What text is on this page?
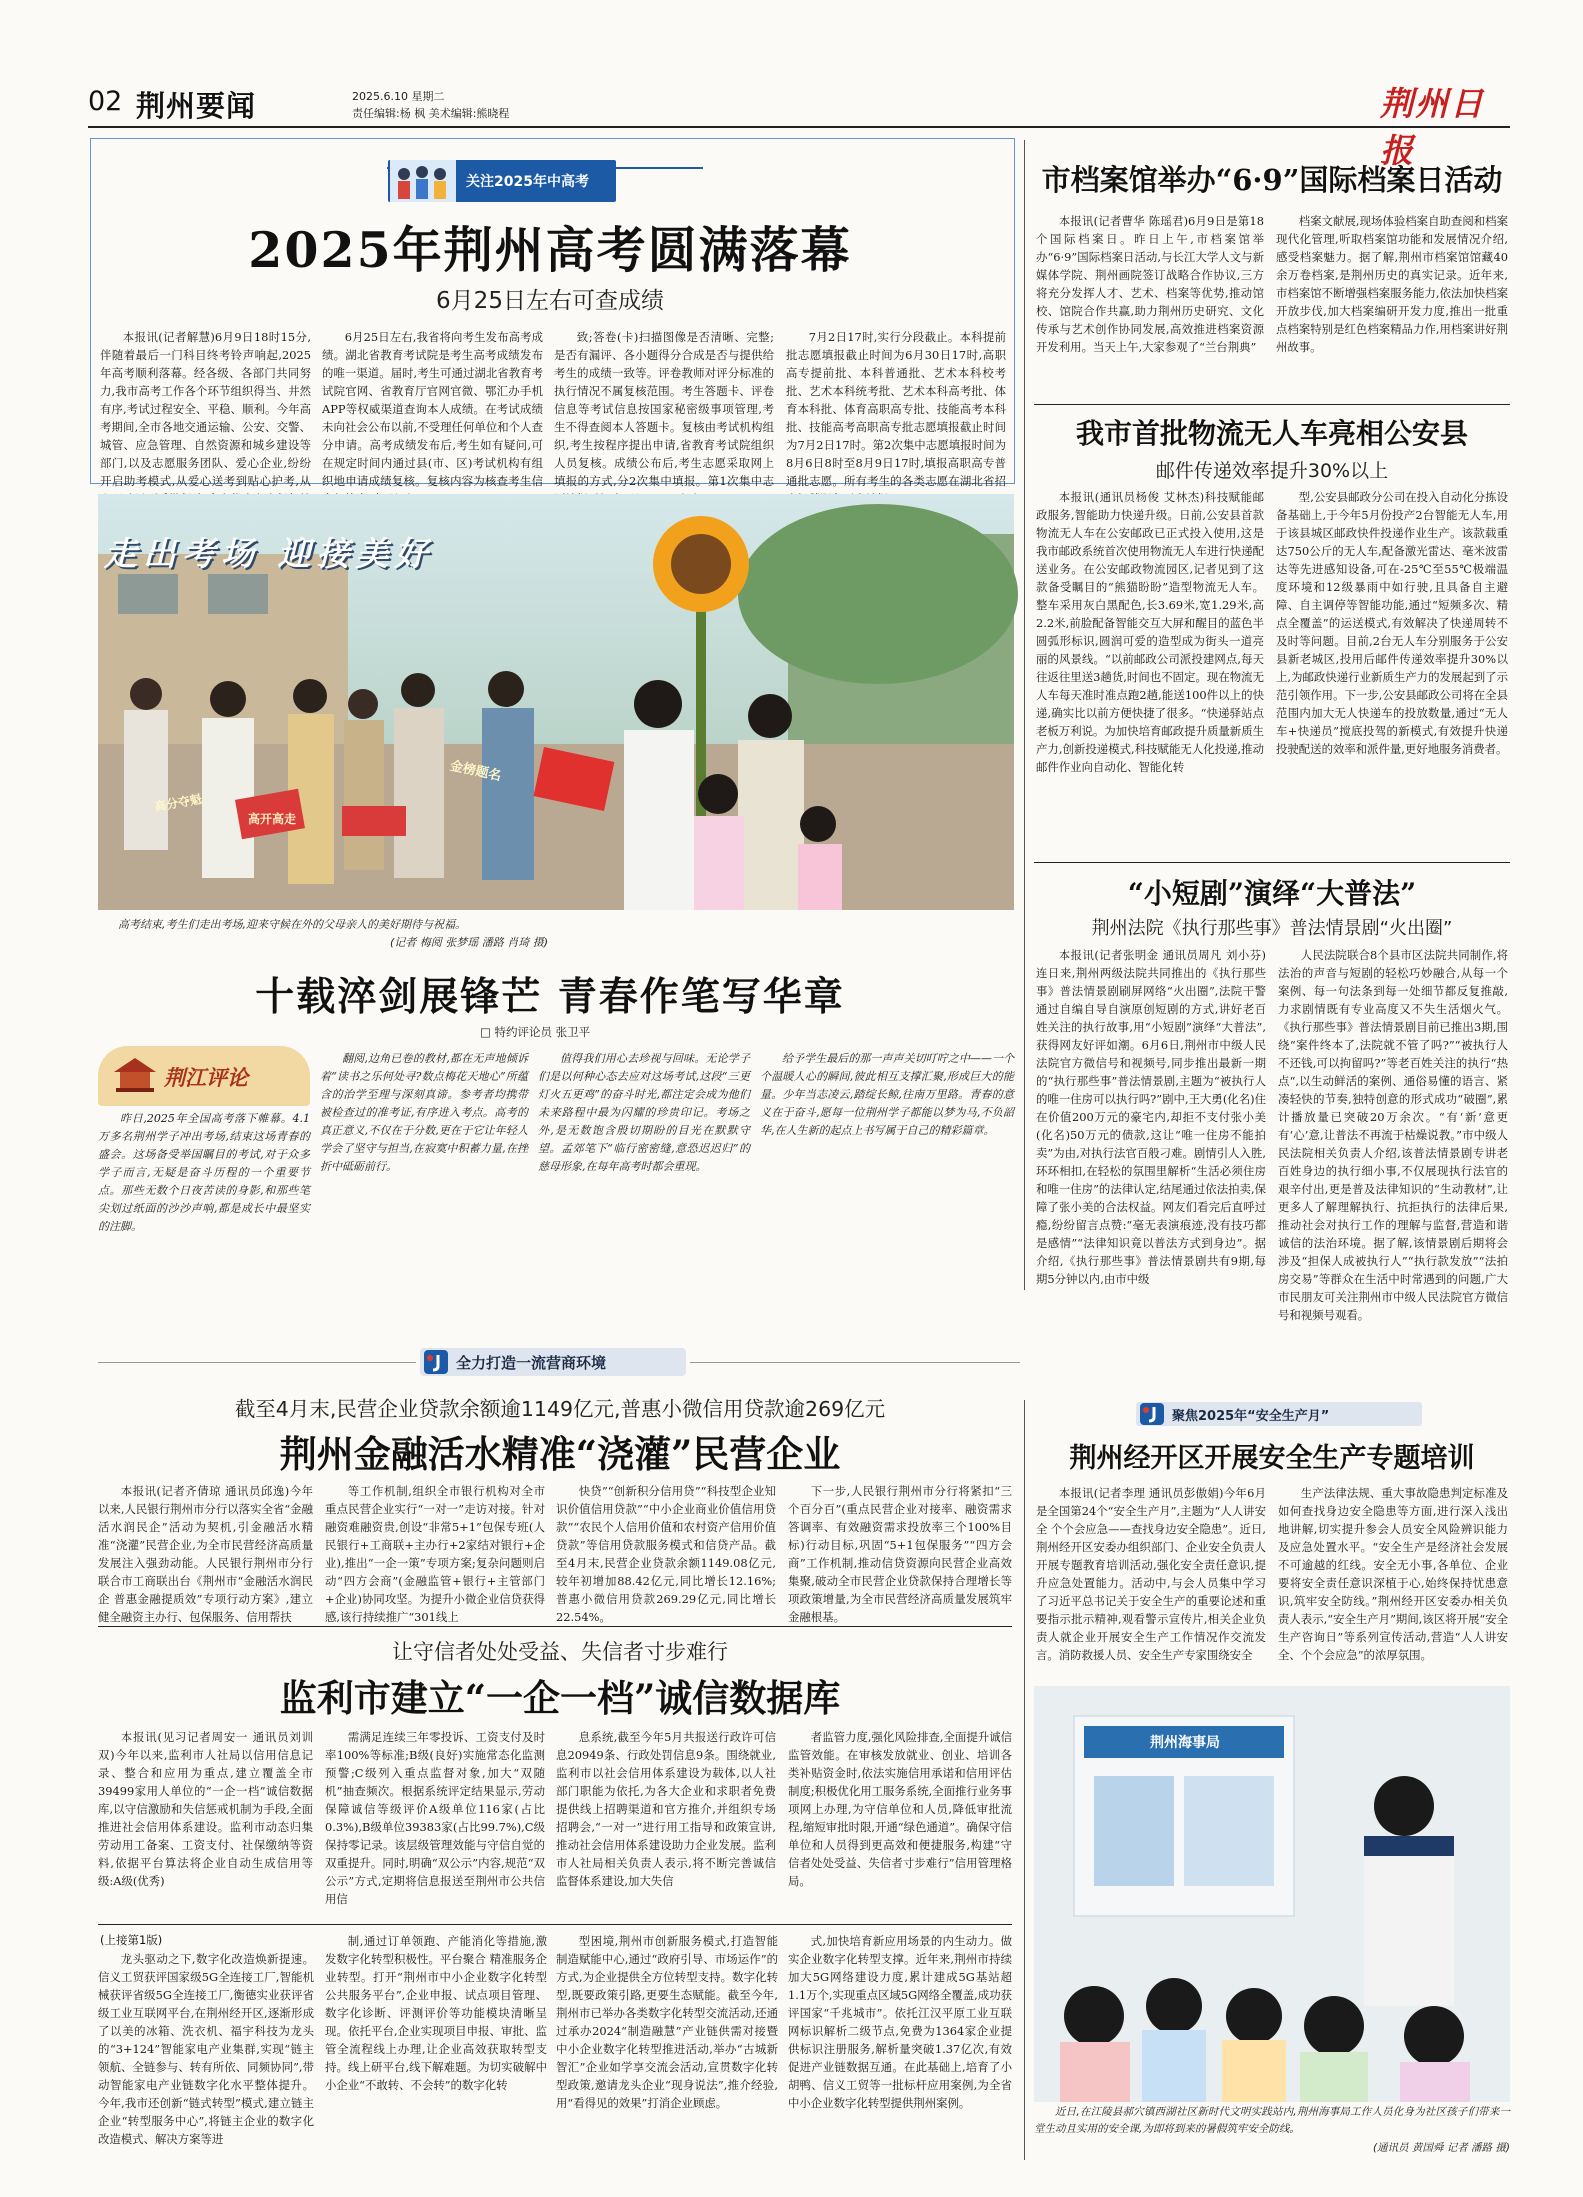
02 荆州要闻	2025.6.10 星期二
责任编辑:杨 枫 美术编辑:熊晓程	荆州日报
关注2025年中高考
2025年荆州高考圆满落幕
6月25日左右可查成绩
本报讯(记者解慧)6月9日18时15分,伴随着最后一门科目终考铃声响起,2025年高考顺利落幕。经各级、各部门共同努力,我市高考工作各个环节组织得当、井然有序,考试过程安全、平稳、顺利。今年高考期间,全市各地交通运输、公安、交警、城管、应急管理、自然资源和城乡建设等部门,以及志愿服务团队、爱心企业,纷纷开启助考模式,从爱心送考到贴心护考,从
6月25日左右,我省将向考生发布高考成绩。湖北省教育考试院是考生高考成绩发布的唯一渠道。届时,考生可通过湖北省教育考试院官网、省教育厅官网官微、鄂汇办手机APP等权威渠道查询本人成绩。在考试成绩未向社会公布以前,不受理任何单位和个人查分申请。高考成绩发布后,考生如有疑问,可在规定时间内通过县(市、区)考试机构有组织地申请成绩复核。复核内容为核查考生信
致;答卷(卡)扫描图像是否清晰、完整;是否有漏评、各小题得分合成是否与提供给考生的成绩一致等。评卷教师对评分标准的执行情况不属复核范围。考生答题卡、评卷信息等考试信息按国家秘密级事项管理,考生不得查阅本人答题卡。复核由考试机构组织,考生按程序提出申请,省教育考试院组织人员复核。成绩公布后,考生志愿采取网上填报的方式,分2次集中填报。第1次集中志
7月2日17时,实行分段截止。本科提前批志愿填报截止时间为6月30日17时,高职高专提前批、本科普通批、艺术本科校考批、艺术本科统考批、艺术本科高考批、体育本科批、体育高职高专批、技能高考本科批、技能高考高职高专批志愿填报截止时间为7月2日17时。第2次集中志愿填报时间为8月6日8时至8月9日17时,填报高职高专普通批志愿。所有考生的各类志愿在湖北省招
走出考场 迎接美好
高分夺魁
高开高走
金榜题名
高考结束,考生们走出考场,迎来守候在外的父母亲人的美好期待与祝福。
(记者 梅阅 张梦瑶 潘路 肖琦 摄)
十载淬剑展锋芒 青春作笔写华章
□ 特约评论员 张卫平
荆江评论
昨日,2025年全国高考落下帷幕。4.1万多名荆州学子冲出考场,结束这场青春的盛会。这场备受举国瞩目的考试,对于众多学子而言,无疑是奋斗历程的一个重要节点。那些无数个日夜苦读的身影,和那些笔尖划过纸面的沙沙声响,都是成长中最坚实的注脚。
翻阅,边角已卷的教材,都在无声地倾诉着“读书之乐何处寻?数点梅花天地心”所蕴含的治学至理与深刻真谛。参考者均携带被检查过的准考证,有序进入考点。高考的真正意义,不仅在于分数,更在于它让年轻人学会了坚守与担当,在寂寞中积蓄力量,在挫折中砥砺前行。
值得我们用心去珍视与回味。无论学子们是以何种心态去应对这场考试,这段“三更灯火五更鸡”的奋斗时光,都注定会成为他们未来路程中最为闪耀的珍贵印记。考场之外,是无数饱含殷切期盼的目光在默默守望。孟郊笔下“临行密密缝,意恐迟迟归”的慈母形象,在每年高考时都会重现。
给予学生最后的那一声声关切叮咛之中——一个个温暖人心的瞬间,彼此相互支撑汇聚,形成巨大的能量。少年当志凌云,踏绽长鲸,往南万里路。青春的意义在于奋斗,愿每一位荆州学子都能以梦为马,不负韶华,在人生新的起点上书写属于自己的精彩篇章。
市档案馆举办“6·9”国际档案日活动
本报讯(记者曹华 陈瑶君)6月9日是第18个国际档案日。昨日上午,市档案馆举办“6·9”国际档案日活动,与长江大学人文与新媒体学院、荆州画院签订战略合作协议,三方将充分发挥人才、艺术、档案等优势,推动馆校、馆院合作共赢,助力荆州历史研究、文化传承与艺术创作协同发展,高效推进档案资源开发利用。当天上午,大家参观了“兰台荆典”
档案文献展,现场体验档案自助查阅和档案现代化管理,听取档案馆功能和发展情况介绍,感受档案魅力。据了解,荆州市档案馆馆藏40余万卷档案,是荆州历史的真实记录。近年来,市档案馆不断增强档案服务能力,依法加快档案开放步伐,加大档案编研开发力度,推出一批重点档案特别是红色档案精品力作,用档案讲好荆州故事。
我市首批物流无人车亮相公安县
邮件传递效率提升30%以上
本报讯(通讯员杨俊 艾林杰)科技赋能邮政服务,智能助力快递升级。日前,公安县首款物流无人车在公安邮政已正式投入使用,这是我市邮政系统首次使用物流无人车进行快递配送业务。在公安邮政物流园区,记者见到了这款备受瞩目的“熊猫盼盼”造型物流无人车。整车采用灰白黑配色,长3.69米,宽1.29米,高2.2米,前脸配备智能交互大屏和醒目的蓝色半圆弧形标识,圆润可爱的造型成为街头一道亮丽的风景线。“以前邮政公司派投建网点,每天往返往里送3趟货,时间也不固定。现在物流无人车每天准时准点跑2趟,能送100件以上的快递,确实比以前方便快捷了很多。“快递驿站点老板万利说。为加快培育邮政提升质量新质生产力,创新投递模式,科技赋能无人化投递,推动邮件作业向自动化、智能化转
型,公安县邮政分公司在投入自动化分拣设备基础上,于今年5月份投产2台智能无人车,用于该县城区邮政快件投递作业生产。该款载重达750公斤的无人车,配备激光雷达、毫米波雷达等先进感知设备,可在-25℃至55℃极端温度环境和12级暴雨中如行驶,且具备自主避障、自主调停等智能功能,通过“短频多次、精点全覆盖”的运送模式,有效解决了快递周转不及时等问题。目前,2台无人车分别服务于公安县新老城区,投用后邮件传递效率提升30%以上,为邮政快递行业新质生产力的发展起到了示范引领作用。下一步,公安县邮政公司将在全县范围内加大无人快递车的投放数量,通过“无人车+快递员”搅底投驾的新模式,有效提升快递投驶配送的效率和派件量,更好地服务消费者。
“小短剧”演绎“大普法”
荆州法院《执行那些事》普法情景剧“火出圈”
本报讯(记者张明金 通讯员周凡 刘小芬)连日来,荆州两级法院共同推出的《执行那些事》普法情景剧刷屏网络“火出圈”,法院干警通过自编自导自演原创短剧的方式,讲好老百姓关注的执行故事,用“小短剧”演绎“大普法”,获得网友好评如潮。6月6日,荆州市中级人民法院官方微信号和视频号,同步推出最新一期的“执行那些事”普法情景剧,主题为“被执行人的唯一住房可以执行吗?”剧中,王大勇(化名)住在价值200万元的豪宅内,却拒不支付张小美(化名)50万元的债款,这让“唯一住房不能拍卖”为由,对执行法官百般刁难。剧情引人入胜,环环相扣,在轻松的氛围里解析“生活必须住房和唯一住房”的法律认定,结尾通过依法拍卖,保障了张小美的合法权益。网友们看完后直呼过瘾,纷纷留言点赞:“毫无表演痕迹,没有技巧都是感情”“法律知识竟以普法方式到身边”。据介绍,《执行那些事》普法情景剧共有9期,每期5分钟以内,由市中级
人民法院联合8个县市区法院共同制作,将法治的声音与短剧的轻松巧妙融合,从每一个案例、每一句法条到每一处细节都反复推敲,力求剧情既有专业高度又不失生活烟火气。《执行那些事》普法情景剧目前已推出3期,围绕“案件终本了,法院就不管了吗?”“被执行人不还钱,可以拘留吗?”等老百姓关注的执行“热点“,以生动鲜活的案例、通俗易懂的语言、紧凑轻快的节奏,独特创意的形式成功“破圈”,累计播放量已突破20万余次。“有‘新’意更有‘心’意,让普法不再流于枯燥说教。”市中级人民法院相关负责人介绍,该普法情景剧专讲老百姓身边的执行细小事,不仅展现执行法官的艰辛付出,更是普及法律知识的“生动教材”,让更多人了解理解执行、抗拒执行的法律后果,推动社会对执行工作的理解与监督,营造和谐诚信的法治环境。据了解,该情景剧后期将会涉及“担保人成被执行人”“执行款发放”“法拍房交易”等群众在生活中时常遇到的问题,广大市民朋友可关注荆州市中级人民法院官方微信号和视频号观看。
全力打造一流营商环境
截至4月末,民营企业贷款余额逾1149亿元,普惠小微信用贷款逾269亿元
荆州金融活水精准“浇灌”民营企业
本报讯(记者齐倩琼 通讯员邱逸)今年以来,人民银行荆州市分行以落实全省“金融活水润民企”活动为契机,引金融活水精准“浇灌”民营企业,为全市民营经济高质量发展注入强劲动能。人民银行荆州市分行联合市工商联出台《荆州市“金融活水润民企 普惠金融提质效”专项行动方案》,建立健全融资主办行、包保服务、信用帮扶
等工作机制,组织全市银行机构对全市重点民营企业实行“一对一”走访对接。针对融资难融资贵,创设“非常5+1”包保专班(人民银行+工商联+主办行+2家结对银行+企业),推出“一企一策”专项方案;复杂问题则启动“四方会商”(金融监管+银行+主管部门+企业)协同攻坚。为提升小微企业信贷获得感,该行持续推广“301线上
快贷”“创新积分信用贷”“科技型企业知识价值信用贷款”“中小企业商业价值信用贷款”“农民个人信用价值和农村资产信用价值贷款”等信用贷款服务模式和信贷产品。截至4月末,民营企业贷款余额1149.08亿元,较年初增加88.42亿元,同比增长12.16%;普惠小微信用贷款269.29亿元,同比增长22.54%。
下一步,人民银行荆州市分行将紧扣“三个百分百”(重点民营企业对接率、融资需求答调率、有效融资需求投放率三个100%目标)行动目标,巩固“5+1包保服务”“四方会商”工作机制,推动信贷资源向民营企业高效集聚,破动全市民营企业贷款保持合理增长等项政策增量,为全市民营经济高质量发展筑牢金融根基。
聚焦2025年“安全生产月”
荆州经开区开展安全生产专题培训
本报讯(记者李理 通讯员彭傲娟)今年6月是全国第24个“安全生产月”,主题为“人人讲安全 个个会应急——查找身边安全隐患”。近日,荆州经开区安委办组织部门、企业安全负责人开展专题教育培训活动,强化安全责任意识,提升应急处置能力。活动中,与会人员集中学习了习近平总书记关于安全生产的重要论述和重要指示批示精神,观看警示宣传片,相关企业负责人就企业开展安全生产工作情况作交流发言。消防救援人员、安全生产专家围绕安全
生产法律法规、重大事故隐患判定标准及如何查找身边安全隐患等方面,进行深入浅出地讲解,切实提升参会人员安全风险辨识能力及应急处置水平。“安全生产是经济社会发展不可逾越的红线。安全无小事,各单位、企业要将安全责任意识深植于心,始终保持忧患意识,筑牢安全防线。”荆州经开区安委办相关负责人表示,“安全生产月”期间,该区将开展“安全生产咨询日”等系列宣传活动,营造“人人讲安全、个个会应急”的浓厚氛围。
让守信者处处受益、失信者寸步难行
监利市建立“一企一档”诚信数据库
本报讯(见习记者周安一 通讯员刘训双)今年以来,监利市人社局以信用信息记录、整合和应用为重点,建立覆盖全市39499家用人单位的“一企一档”诚信数据库,以守信激励和失信惩戒机制为手段,全面推进社会信用体系建设。监利市动态归集劳动用工备案、工资支付、社保缴纳等资料,依据平台算法将企业自动生成信用等级:A级(优秀)
需满足连续三年零投诉、工资支付及时率100%等标准;B级(良好)实施常态化监测预警;C级列入重点监督对象,加大“双随机”抽查频次。根据系统评定结果显示,劳动保障诚信等级评价A级单位116家(占比0.3%),B级单位39383家(占比99.7%),C级保持零记录。该层级管理效能与守信自觉的双重提升。同时,明确“双公示”内容,规范“双公示”方式,定期将信息报送至荆州市公共信用信
息系统,截至今年5月共报送行政许可信息20949条、行政处罚信息9条。围绕就业,监利市以社会信用体系建设为载体,以人社部门职能为依托,为各大企业和求职者免费提供线上招聘渠道和官方推介,并组织专场招聘会,“一对一”进行用工指导和政策宣讲,推动社会信用体系建设助力企业发展。监利市人社局相关负责人表示,将不断完善诚信监督体系建设,加大失信
者监管力度,强化风险排查,全面提升诚信监管效能。在审核发放就业、创业、培训各类补贴资金时,依法实施信用承诺和信用评估制度;积极优化用工服务系统,全面推行业务事项网上办理,为守信单位和人员,降低审批流程,缩短审批时限,开通“绿色通道”。确保守信单位和人员得到更高效和便捷服务,构建“守信者处处受益、失信者寸步难行”信用管理格局。
(上接第1版)
龙头驱动之下,数字化改造焕新提速。信义工贸获评国家级5G全连接工厂,智能机械获评省级5G全连接工厂,衡德实业获评省级工业互联网平台,在荆州经开区,逐渐形成了以美的冰箱、洗衣机、福宇科技为龙头的“3+124”智能家电产业集群,实现“链主领航、全链参与、转有所依、同频协同”,带动智能家电产业链数字化水平整体提升。今年,我市还创新“链式转型”模式,建立链主企业“转型服务中心”,将链主企业的数字化改造模式、解决方案等进
制,通过订单领跑、产能消化等措施,激发数字化转型积极性。平台聚合 精准服务企业转型。打开“荆州市中小企业数字化转型公共服务平台”,企业申报、试点项目管理、数字化诊断、评测评价等功能模块清晰呈现。依托平台,企业实现项目申报、审批、监管全流程线上办理,让企业高效获取转型支持。线上研平台,线下解难题。为切实破解中小企业“不敢转、不会转”的数字化转
型困境,荆州市创新服务模式,打造智能制造赋能中心,通过“政府引导、市场运作”的方式,为企业提供全方位转型支持。数字化转型,既要政策引路,更要生态赋能。截至今年,荆州市已举办各类数字化转型交流活动,还通过承办2024“制造融慧”产业链供需对接暨中小企业数字化转型推进活动,举办“古城新智汇”企业如学享交流会活动,宣贯数字化转型政策,邀请龙头企业“现身说法”,推介经验,用“看得见的效果”打消企业顾虑。
式,加快培育新应用场景的内生动力。做实企业数字化转型支撑。近年来,荆州市持续加大5G网络建设力度,累计建成5G基站超1.1万个,实现重点区域5G网络全覆盖,成功获评国家“千兆城市”。依托江汉平原工业互联网标识解析二级节点,免费为1364家企业提供标识注册服务,解析量突破1.37亿次,有效促进产业链数据互通。在此基础上,培育了小胡鸭、信义工贸等一批标杆应用案例,为全省中小企业数字化转型提供荆州案例。
荆州海事局
近日,在江陵县郝穴镇西湖社区新时代文明实践站内,荆州海事局工作人员化身为社区孩子们带来一堂生动且实用的安全课,为即将到来的暑假筑牢安全防线。
(通讯员 黄国舜 记者 潘路 摄)
